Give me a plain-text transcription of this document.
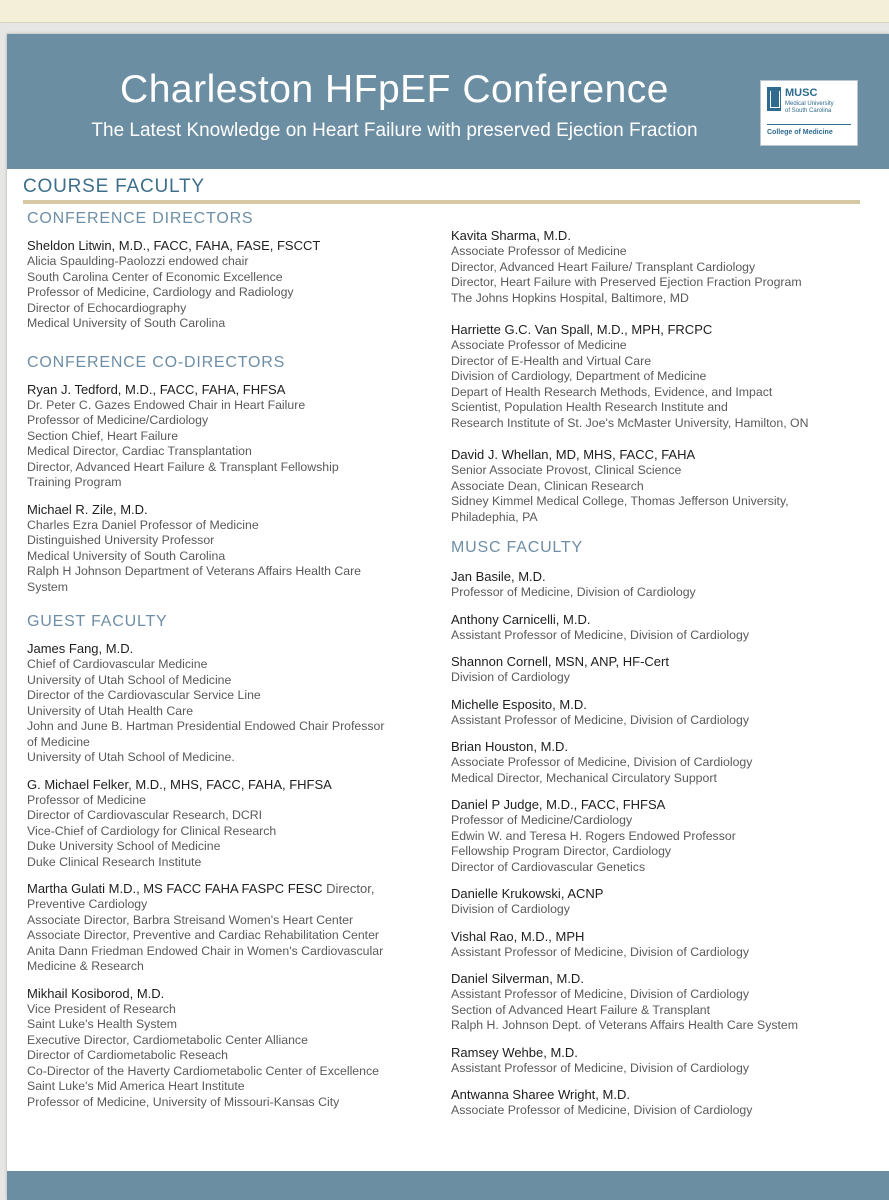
Charleston HFpEF Conference
The Latest Knowledge on Heart Failure with preserved Ejection Fraction
MUSC
Medical University
of South Carolina
College of Medicine
COURSE FACULTY
CONFERENCE DIRECTORS
Sheldon Litwin, M.D., FACC, FAHA, FASE, FSCCT
Alicia Spaulding-Paolozzi endowed chair
South Carolina Center of Economic Excellence
Professor of Medicine, Cardiology and Radiology
Director of Echocardiography
Medical University of South Carolina
CONFERENCE CO-DIRECTORS
Ryan J. Tedford, M.D., FACC, FAHA, FHFSA
Dr. Peter C. Gazes Endowed Chair in Heart Failure
Professor of Medicine/Cardiology
Section Chief, Heart Failure
Medical Director, Cardiac Transplantation
Director, Advanced Heart Failure & Transplant Fellowship
Training Program
Michael R. Zile, M.D.
Charles Ezra Daniel Professor of Medicine
Distinguished University Professor
Medical University of South Carolina
Ralph H Johnson Department of Veterans Affairs Health Care
System
GUEST FACULTY
James Fang, M.D.
Chief of Cardiovascular Medicine
University of Utah School of Medicine
Director of the Cardiovascular Service Line
University of Utah Health Care
John and June B. Hartman Presidential Endowed Chair Professor
of Medicine
University of Utah School of Medicine.
G. Michael Felker, M.D., MHS, FACC, FAHA, FHFSA
Professor of Medicine
Director of Cardiovascular Research, DCRI
Vice-Chief of Cardiology for Clinical Research
Duke University School of Medicine
Duke Clinical Research Institute
Martha Gulati M.D., MS FACC FAHA FASPC FESC Director,
Preventive Cardiology
Associate Director, Barbra Streisand Women's Heart Center
Associate Director, Preventive and Cardiac Rehabilitation Center
Anita Dann Friedman Endowed Chair in Women's Cardiovascular
Medicine & Research
Mikhail Kosiborod, M.D.
Vice President of Research
Saint Luke's Health System
Executive Director, Cardiometabolic Center Alliance
Director of Cardiometabolic Reseach
Co-Director of the Haverty Cardiometabolic Center of Excellence
Saint Luke's Mid America Heart Institute
Professor of Medicine, University of Missouri-Kansas City
Kavita Sharma, M.D.
Associate Professor of Medicine
Director, Advanced Heart Failure/ Transplant Cardiology
Director, Heart Failure with Preserved Ejection Fraction Program
The Johns Hopkins Hospital, Baltimore, MD
Harriette G.C. Van Spall, M.D., MPH, FRCPC
Associate Professor of Medicine
Director of E-Health and Virtual Care
Division of Cardiology, Department of Medicine
Depart of Health Research Methods, Evidence, and Impact
Scientist, Population Health Research Institute and
Research Institute of St. Joe's McMaster University, Hamilton, ON
David J. Whellan, MD, MHS, FACC, FAHA
Senior Associate Provost, Clinical Science
Associate Dean, Clinican Research
Sidney Kimmel Medical College, Thomas Jefferson University,
Philadephia, PA
MUSC FACULTY
Jan Basile, M.D.
Professor of Medicine, Division of Cardiology
Anthony Carnicelli, M.D.
Assistant Professor of Medicine, Division of Cardiology
Shannon Cornell, MSN, ANP, HF-Cert
Division of Cardiology
Michelle Esposito, M.D.
Assistant Professor of Medicine, Division of Cardiology
Brian Houston, M.D.
Associate Professor of Medicine, Division of Cardiology
Medical Director, Mechanical Circulatory Support
Daniel P Judge, M.D., FACC, FHFSA
Professor of Medicine/Cardiology
Edwin W. and Teresa H. Rogers Endowed Professor
Fellowship Program Director, Cardiology
Director of Cardiovascular Genetics
Danielle Krukowski, ACNP
Division of Cardiology
Vishal Rao, M.D., MPH
Assistant Professor of Medicine, Division of Cardiology
Daniel Silverman, M.D.
Assistant Professor of Medicine, Division of Cardiology
Section of Advanced Heart Failure & Transplant
Ralph H. Johnson Dept. of Veterans Affairs Health Care System
Ramsey Wehbe, M.D.
Assistant Professor of Medicine, Division of Cardiology
Antwanna Sharee Wright, M.D.
Associate Professor of Medicine, Division of Cardiology
